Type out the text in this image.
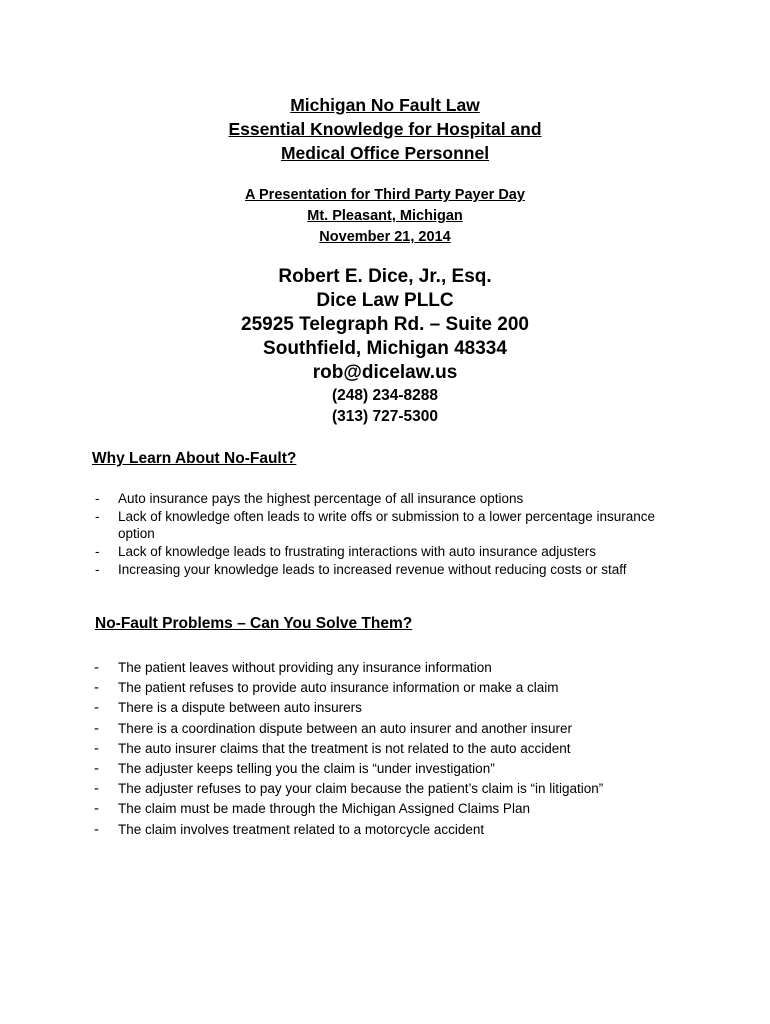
Michigan No Fault Law
Essential Knowledge for Hospital and
Medical Office Personnel
A Presentation for Third Party Payer Day
Mt. Pleasant, Michigan
November 21, 2014
Robert E. Dice, Jr., Esq.
Dice Law PLLC
25925 Telegraph Rd. – Suite 200
Southfield, Michigan 48334
rob@dicelaw.us
(248) 234-8288
(313) 727-5300
Why Learn About No-Fault?
- Auto insurance pays the highest percentage of all insurance options
- Lack of knowledge often leads to write offs or submission to a lower percentage insurance option
- Lack of knowledge leads to frustrating interactions with auto insurance adjusters
- Increasing your knowledge leads to increased revenue without reducing costs or staff
No-Fault Problems – Can You Solve Them?
- The patient leaves without providing any insurance information
- The patient refuses to provide auto insurance information or make a claim
- There is a dispute between auto insurers
- There is a coordination dispute between an auto insurer and another insurer
- The auto insurer claims that the treatment is not related to the auto accident
- The adjuster keeps telling you the claim is “under investigation”
- The adjuster refuses to pay your claim because the patient’s claim is “in litigation”
- The claim must be made through the Michigan Assigned Claims Plan
- The claim involves treatment related to a motorcycle accident
